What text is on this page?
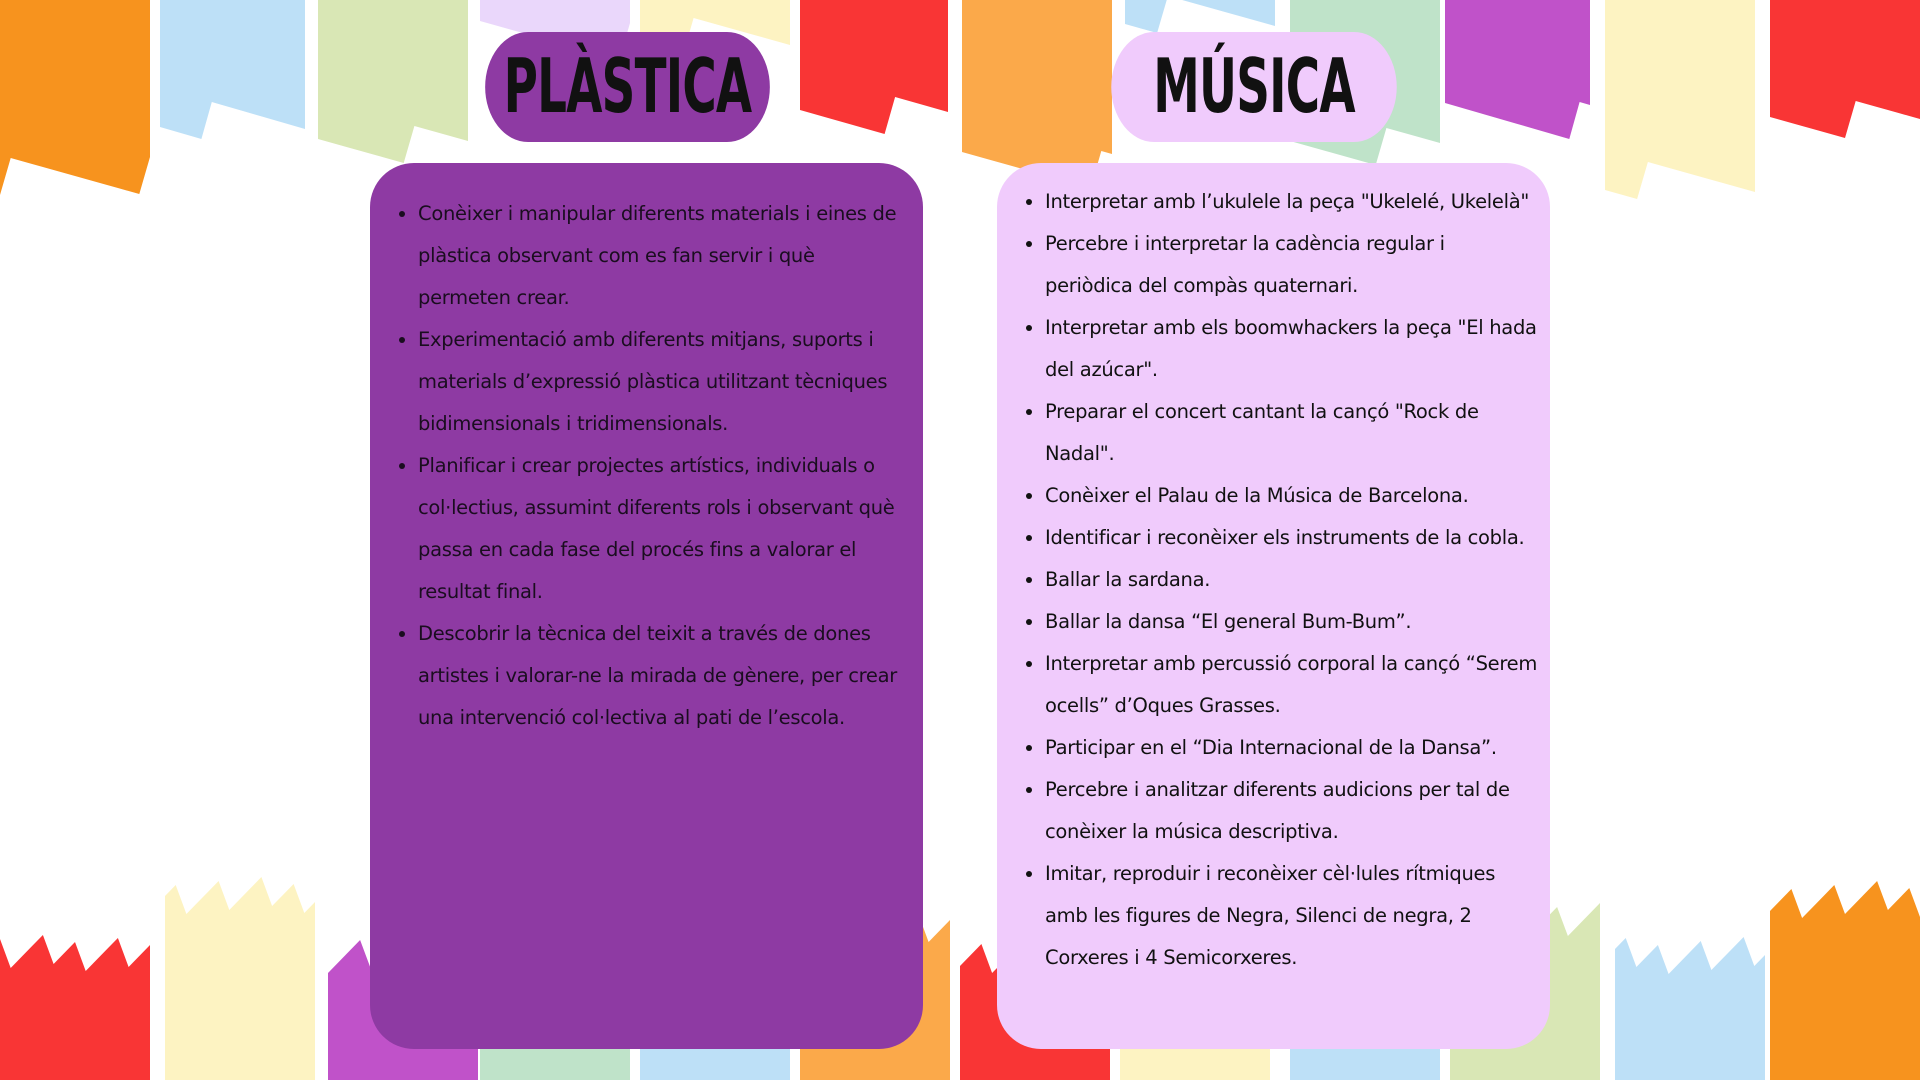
PLÀSTICA	MÚSICA
• Conèixer i manipular diferents materials i eines de plàstica observant com es fan servir i què permeten crear.
• Experimentació amb diferents mitjans, suports i materials d’expressió plàstica utilitzant tècniques bidimensionals i tridimensionals.
• Planificar i crear projectes artístics, individuals o col·lectius, assumint diferents rols i observant què passa en cada fase del procés fins a valorar el resultat final.
• Descobrir la tècnica del teixit a través de dones artistes i valorar-ne la mirada de gènere, per crear una intervenció col·lectiva al pati de l’escola.
• Interpretar amb l’ukulele la peça "Ukelelé, Ukelelà"
• Percebre i interpretar la cadència regular i periòdica del compàs quaternari.
• Interpretar amb els boomwhackers la peça "El hada del azúcar".
• Preparar el concert cantant la cançó "Rock de Nadal".
• Conèixer el Palau de la Música de Barcelona.
• Identificar i reconèixer els instruments de la cobla.
• Ballar la sardana.
• Ballar la dansa “El general Bum-Bum”.
• Interpretar amb percussió corporal la cançó “Serem ocells” d’Oques Grasses.
• Participar en el “Dia Internacional de la Dansa”.
• Percebre i analitzar diferents audicions per tal de conèixer la música descriptiva.
• Imitar, reproduir i reconèixer cèl·lules rítmiques amb les figures de Negra, Silenci de negra, 2 Corxeres i 4 Semicorxeres.
